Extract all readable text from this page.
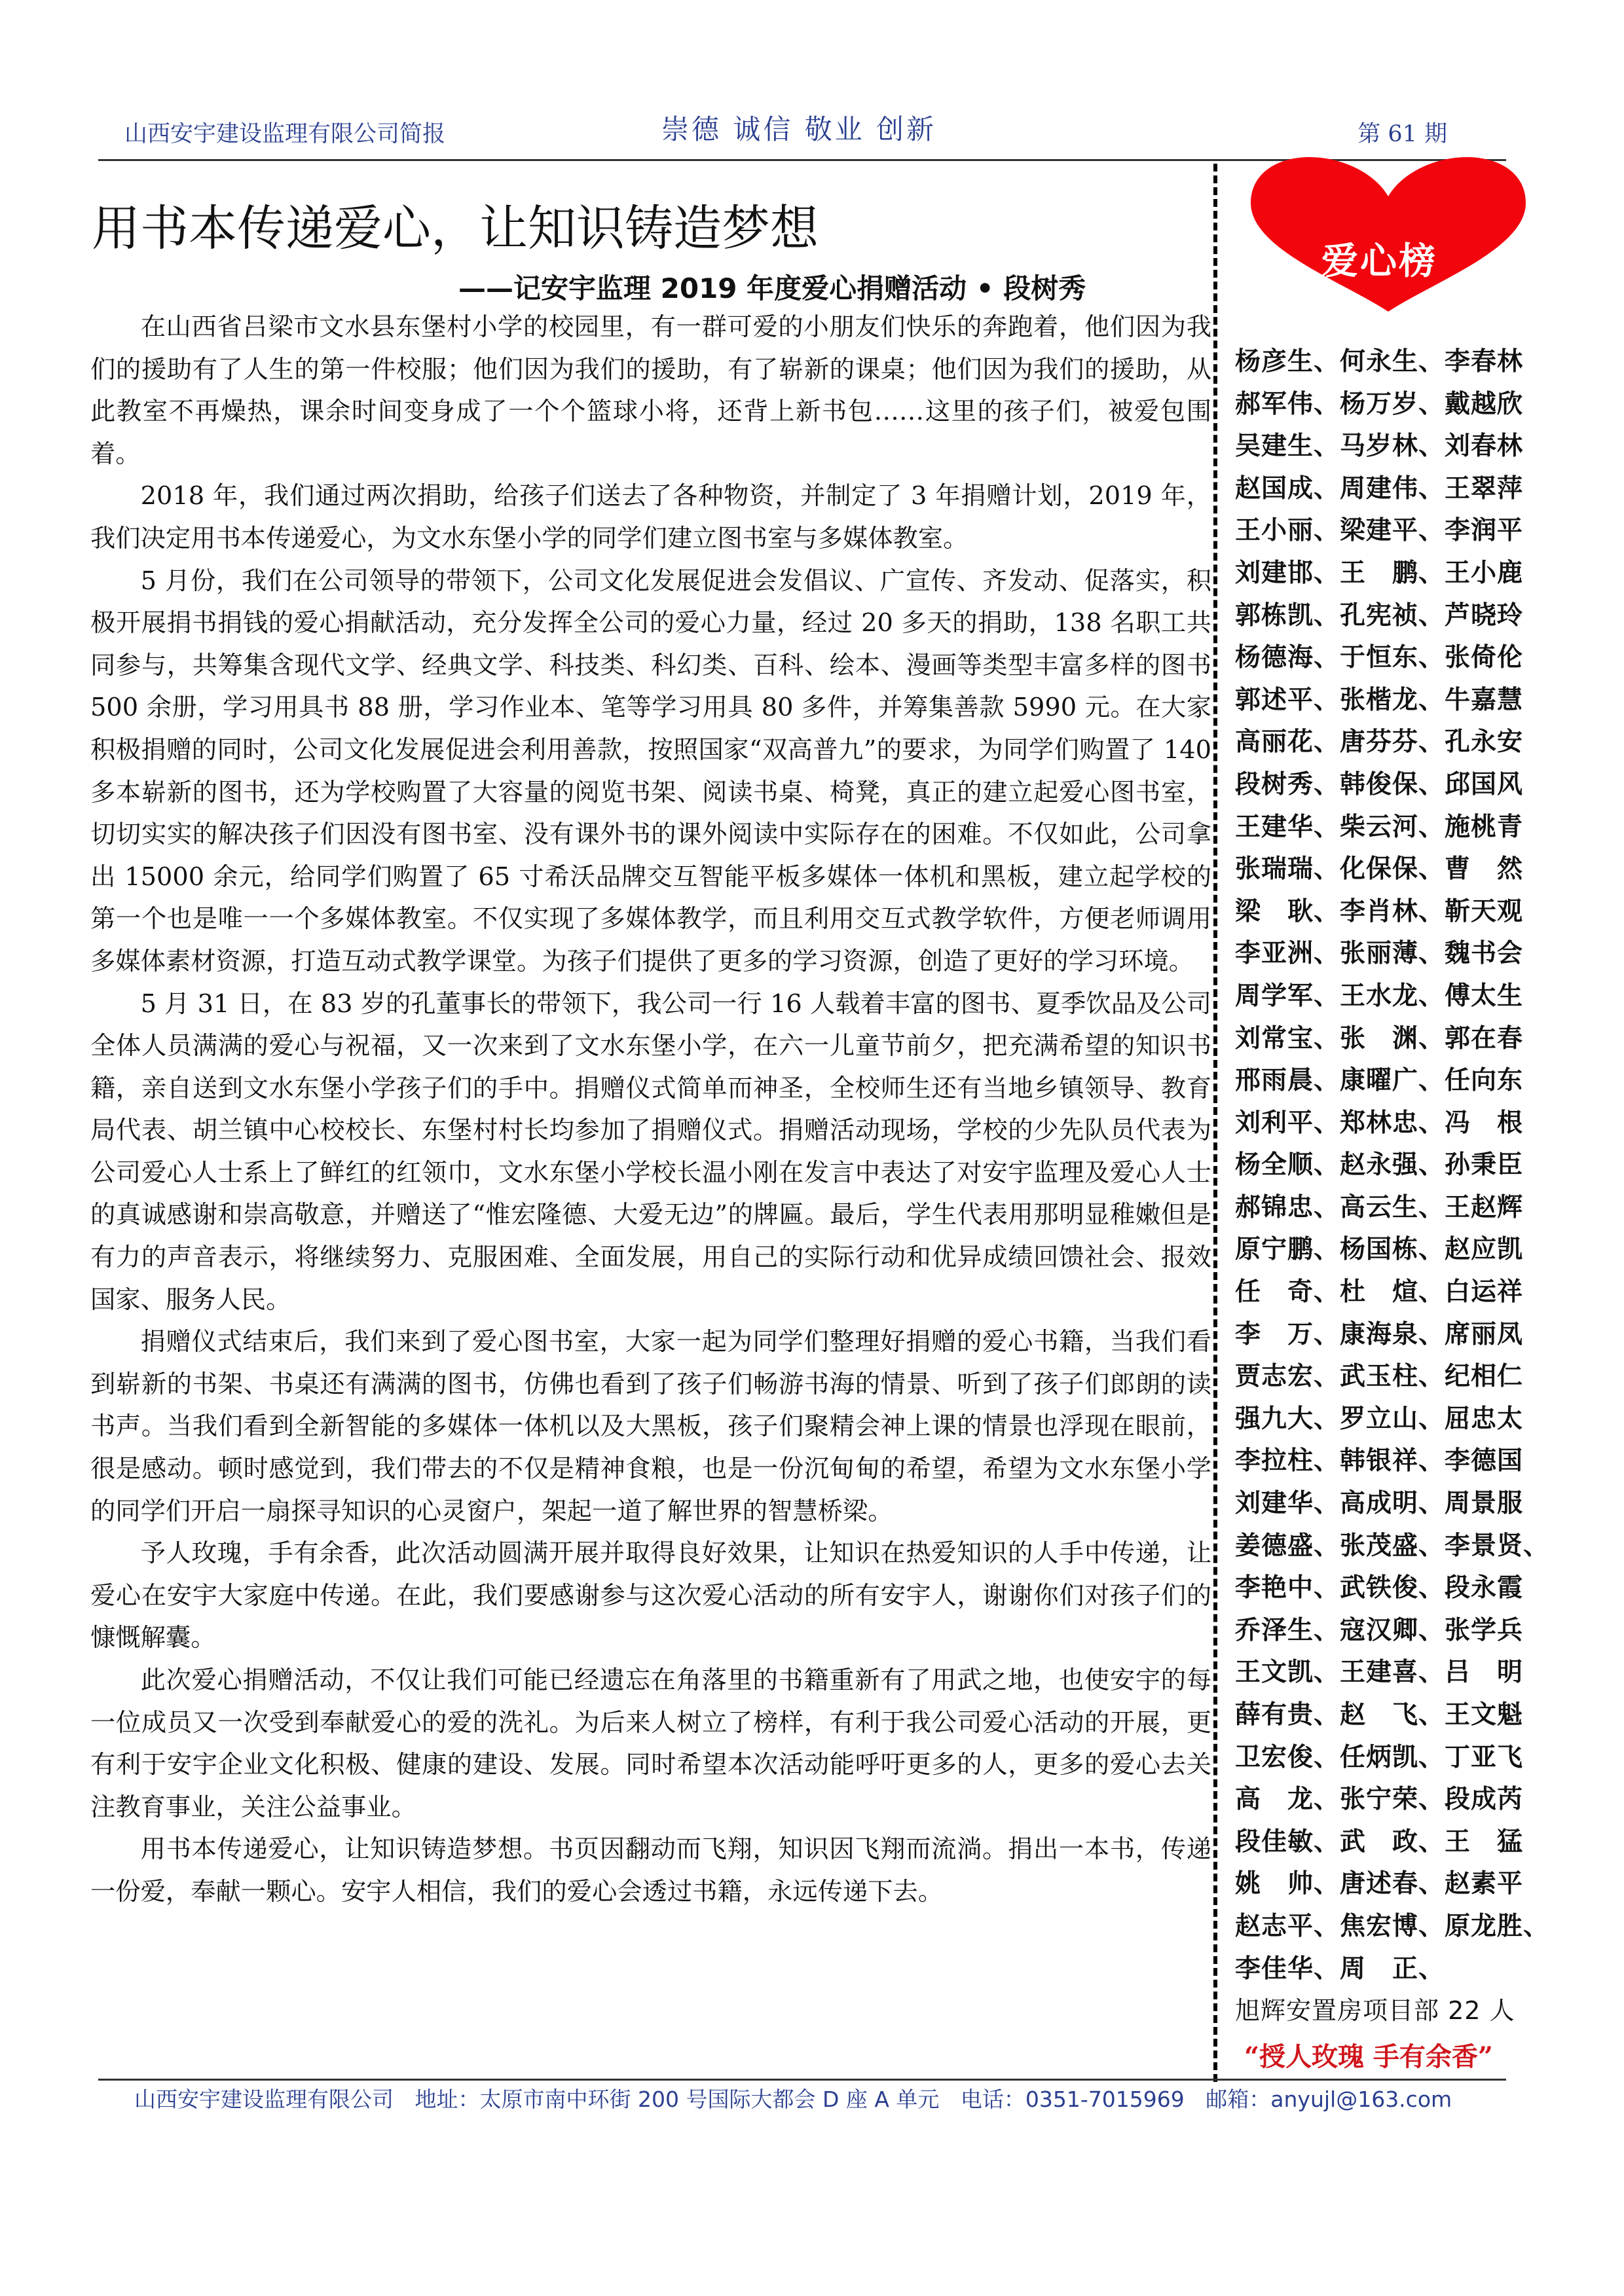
山西安宇建设监理有限公司简报	崇德 诚信 敬业 创新	第 61 期
用书本传递爱心，让知识铸造梦想
——记安宇监理 2019 年度爱心捐赠活动 • 段树秀

在山西省吕梁市文水县东堡村小学的校园里，有一群可爱的小朋友们快乐的奔跑着，他们因为我们的援助有了人生的第一件校服；他们因为我们的援助，有了崭新的课桌；他们因为我们的援助，从此教室不再燥热，课余时间变身成了一个个篮球小将，还背上新书包……这里的孩子们，被爱包围着。

2018 年，我们通过两次捐助，给孩子们送去了各种物资，并制定了 3 年捐赠计划，2019 年，我们决定用书本传递爱心，为文水东堡小学的同学们建立图书室与多媒体教室。

5 月份，我们在公司领导的带领下，公司文化发展促进会发倡议、广宣传、齐发动、促落实，积极开展捐书捐钱的爱心捐献活动，充分发挥全公司的爱心力量，经过 20 多天的捐助，138 名职工共同参与，共筹集含现代文学、经典文学、科技类、科幻类、百科、绘本、漫画等类型丰富多样的图书 500 余册，学习用具书 88 册，学习作业本、笔等学习用具 80 多件，并筹集善款 5990 元。在大家积极捐赠的同时，公司文化发展促进会利用善款，按照国家“双高普九”的要求，为同学们购置了 140 多本崭新的图书，还为学校购置了大容量的阅览书架、阅读书桌、椅凳，真正的建立起爱心图书室，切切实实的解决孩子们因没有图书室、没有课外书的课外阅读中实际存在的困难。不仅如此，公司拿出 15000 余元，给同学们购置了 65 寸希沃品牌交互智能平板多媒体一体机和黑板，建立起学校的第一个也是唯一一个多媒体教室。不仅实现了多媒体教学，而且利用交互式教学软件，方便老师调用多媒体素材资源，打造互动式教学课堂。为孩子们提供了更多的学习资源，创造了更好的学习环境。

5 月 31 日，在 83 岁的孔董事长的带领下，我公司一行 16 人载着丰富的图书、夏季饮品及公司全体人员满满的爱心与祝福，又一次来到了文水东堡小学，在六一儿童节前夕，把充满希望的知识书籍，亲自送到文水东堡小学孩子们的手中。捐赠仪式简单而神圣，全校师生还有当地乡镇领导、教育局代表、胡兰镇中心校校长、东堡村村长均参加了捐赠仪式。捐赠活动现场，学校的少先队员代表为公司爱心人士系上了鲜红的红领巾，文水东堡小学校长温小刚在发言中表达了对安宇监理及爱心人士的真诚感谢和崇高敬意，并赠送了“惟宏隆德、大爱无边”的牌匾。最后，学生代表用那明显稚嫩但是有力的声音表示，将继续努力、克服困难、全面发展，用自己的实际行动和优异成绩回馈社会、报效国家、服务人民。

捐赠仪式结束后，我们来到了爱心图书室，大家一起为同学们整理好捐赠的爱心书籍，当我们看到崭新的书架、书桌还有满满的图书，仿佛也看到了孩子们畅游书海的情景、听到了孩子们郎朗的读书声。当我们看到全新智能的多媒体一体机以及大黑板，孩子们聚精会神上课的情景也浮现在眼前，很是感动。顿时感觉到，我们带去的不仅是精神食粮，也是一份沉甸甸的希望，希望为文水东堡小学的同学们开启一扇探寻知识的心灵窗户，架起一道了解世界的智慧桥梁。

予人玫瑰，手有余香，此次活动圆满开展并取得良好效果，让知识在热爱知识的人手中传递，让爱心在安宇大家庭中传递。在此，我们要感谢参与这次爱心活动的所有安宇人，谢谢你们对孩子们的慷慨解囊。

此次爱心捐赠活动，不仅让我们可能已经遗忘在角落里的书籍重新有了用武之地，也使安宇的每一位成员又一次受到奉献爱心的爱的洗礼。为后来人树立了榜样，有利于我公司爱心活动的开展，更有利于安宇企业文化积极、健康的建设、发展。同时希望本次活动能呼吁更多的人，更多的爱心去关注教育事业，关注公益事业。

用书本传递爱心，让知识铸造梦想。书页因翻动而飞翔，知识因飞翔而流淌。捐出一本书，传递一份爱，奉献一颗心。安宇人相信，我们的爱心会透过书籍，永远传递下去。

爱心榜
杨彦生、何永生、李春林
郝军伟、杨万岁、戴越欣
吴建生、马岁林、刘春林
赵国成、周建伟、王翠萍
王小丽、梁建平、李润平
刘建邯、王　鹏、王小鹿
郭栋凯、孔宪祯、芦晓玲
杨德海、于恒东、张倚伦
郭述平、张楷龙、牛嘉慧
高丽花、唐芬芬、孔永安
段树秀、韩俊保、邱国风
王建华、柴云河、施桃青
张瑞瑞、化保保、曹　然
梁　耿、李肖林、靳天观
李亚洲、张丽薄、魏书会
周学军、王水龙、傅太生
刘常宝、张　渊、郭在春
邢雨晨、康曜广、任向东
刘利平、郑林忠、冯　根
杨全顺、赵永强、孙秉臣
郝锦忠、高云生、王赵辉
原宁鹏、杨国栋、赵应凯
任　奇、杜　煊、白运祥
李　万、康海泉、席丽凤
贾志宏、武玉柱、纪相仁
强九大、罗立山、屈忠太
李拉柱、韩银祥、李德国
刘建华、高成明、周景服
姜德盛、张茂盛、李景贤、
李艳中、武铁俊、段永霞
乔泽生、寇汉卿、张学兵
王文凯、王建喜、吕　明
薛有贵、赵　飞、王文魁
卫宏俊、任炳凯、丁亚飞
高　龙、张宁荣、段成芮
段佳敏、武　政、王　猛
姚　帅、唐述春、赵素平
赵志平、焦宏博、原龙胜、
李佳华、周　正、
旭辉安置房项目部 22 人
“授人玫瑰 手有余香”
山西安宇建设监理有限公司 地址：太原市南中环街 200 号国际大都会 D 座 A 单元 电话：0351-7015969 邮箱：anyujl@163.com
